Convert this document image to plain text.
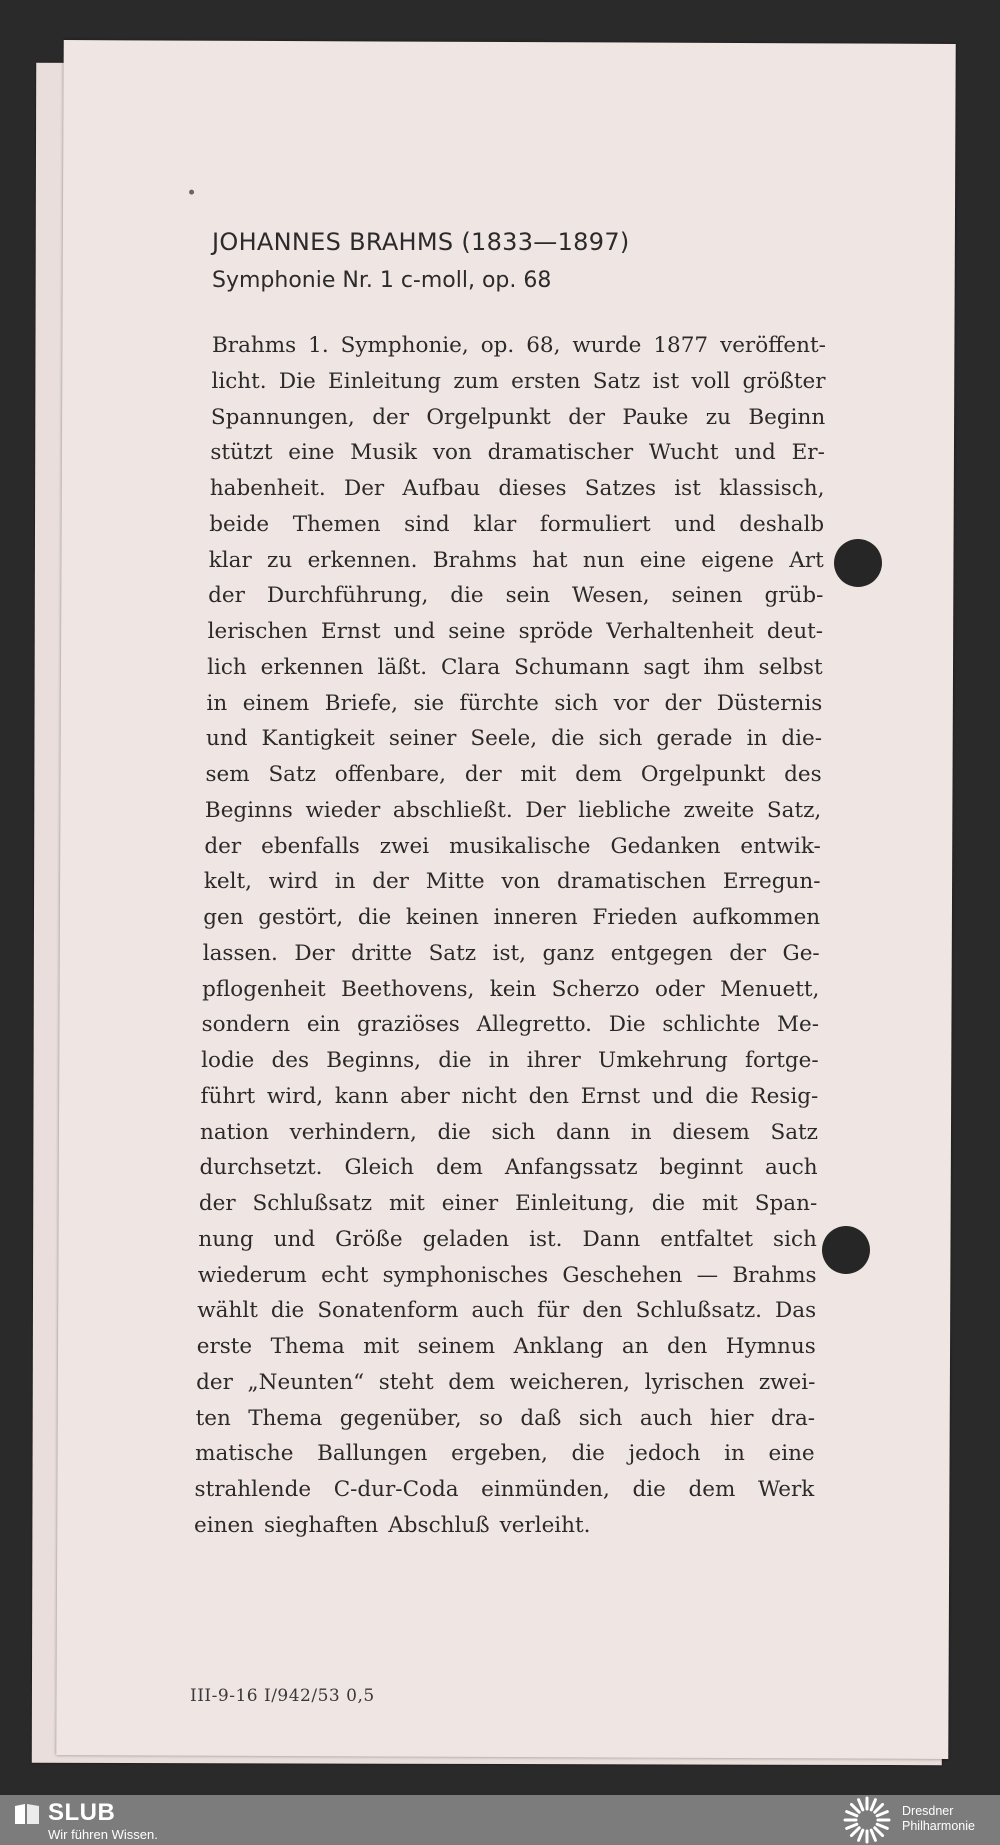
JOHANNES BRAHMS (1833—1897)
Symphonie Nr. 1 c-moll, op. 68
Brahms 1. Symphonie, op. 68, wurde 1877 veröffent-
licht. Die Einleitung zum ersten Satz ist voll größter
Spannungen, der Orgelpunkt der Pauke zu Beginn
stützt eine Musik von dramatischer Wucht und Er-
habenheit. Der Aufbau dieses Satzes ist klassisch,
beide Themen sind klar formuliert und deshalb
klar zu erkennen. Brahms hat nun eine eigene Art
der Durchführung, die sein Wesen, seinen grüb-
lerischen Ernst und seine spröde Verhaltenheit deut-
lich erkennen läßt. Clara Schumann sagt ihm selbst
in einem Briefe, sie fürchte sich vor der Düsternis
und Kantigkeit seiner Seele, die sich gerade in die-
sem Satz offenbare, der mit dem Orgelpunkt des
Beginns wieder abschließt. Der liebliche zweite Satz,
der ebenfalls zwei musikalische Gedanken entwik-
kelt, wird in der Mitte von dramatischen Erregun-
gen gestört, die keinen inneren Frieden aufkommen
lassen. Der dritte Satz ist, ganz entgegen der Ge-
pflogenheit Beethovens, kein Scherzo oder Menuett,
sondern ein graziöses Allegretto. Die schlichte Me-
lodie des Beginns, die in ihrer Umkehrung fortge-
führt wird, kann aber nicht den Ernst und die Resig-
nation verhindern, die sich dann in diesem Satz
durchsetzt. Gleich dem Anfangssatz beginnt auch
der Schlußsatz mit einer Einleitung, die mit Span-
nung und Größe geladen ist. Dann entfaltet sich
wiederum echt symphonisches Geschehen — Brahms
wählt die Sonatenform auch für den Schlußsatz. Das
erste Thema mit seinem Anklang an den Hymnus
der „Neunten“ steht dem weicheren, lyrischen zwei-
ten Thema gegenüber, so daß sich auch hier dra-
matische Ballungen ergeben, die jedoch in eine
strahlende C-dur-Coda einmünden, die dem Werk
einen sieghaften Abschluß verleiht.
III-9-16 I/942/53 0,5
SLUB
Wir führen Wissen.
Dresdner
Philharmonie
